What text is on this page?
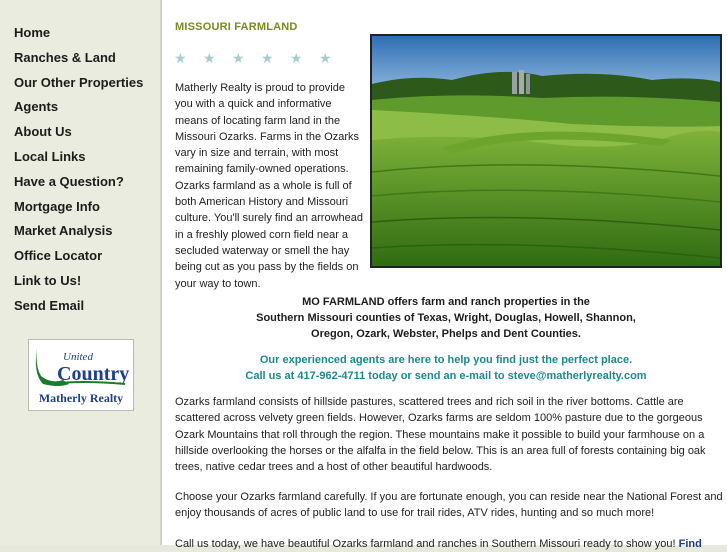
Home
Ranches & Land
Our Other Properties
Agents
About Us
Local Links
Have a Question?
Mortgage Info
Market Analysis
Office Locator
Link to Us!
Send Email
United
Country
Matherly Realty
MISSOURI FARMLAND
★ ★ ★ ★ ★ ★
Matherly Realty is proud to provide you with a quick and informative means of locating farm land in the Missouri Ozarks. Farms in the Ozarks vary in size and terrain, with most remaining family-owned operations. Ozarks farmland as a whole is full of both American History and Missouri culture. You'll surely find an arrowhead in a freshly plowed corn field near a secluded waterway or smell the hay being cut as you pass by the fields on your way to town.
MO FARMLAND offers farm and ranch properties in the
Southern Missouri counties of Texas, Wright, Douglas, Howell, Shannon,
Oregon, Ozark, Webster, Phelps and Dent Counties.
Our experienced agents are here to help you find just the perfect place.
Call us at 417-962-4711 today or send an e-mail to steve@matherlyrealty.com
Ozarks farmland consists of hillside pastures, scattered trees and rich soil in the river bottoms. Cattle are scattered across velvety green fields. However, Ozarks farms are seldom 100% pasture due to the gorgeous Ozark Mountains that roll through the region. These mountains make it possible to build your farmhouse on a hillside overlooking the horses or the alfalfa in the field below. This is an area full of forests containing big oak trees, native cedar trees and a host of other beautiful hardwoods.
Choose your Ozarks farmland carefully. If you are fortunate enough, you can reside near the National Forest and enjoy thousands of acres of public land to use for trail rides, ATV rides, hunting and so much more!
Call us today, we have beautiful Ozarks farmland and ranches in Southern Missouri ready to show you! Find
